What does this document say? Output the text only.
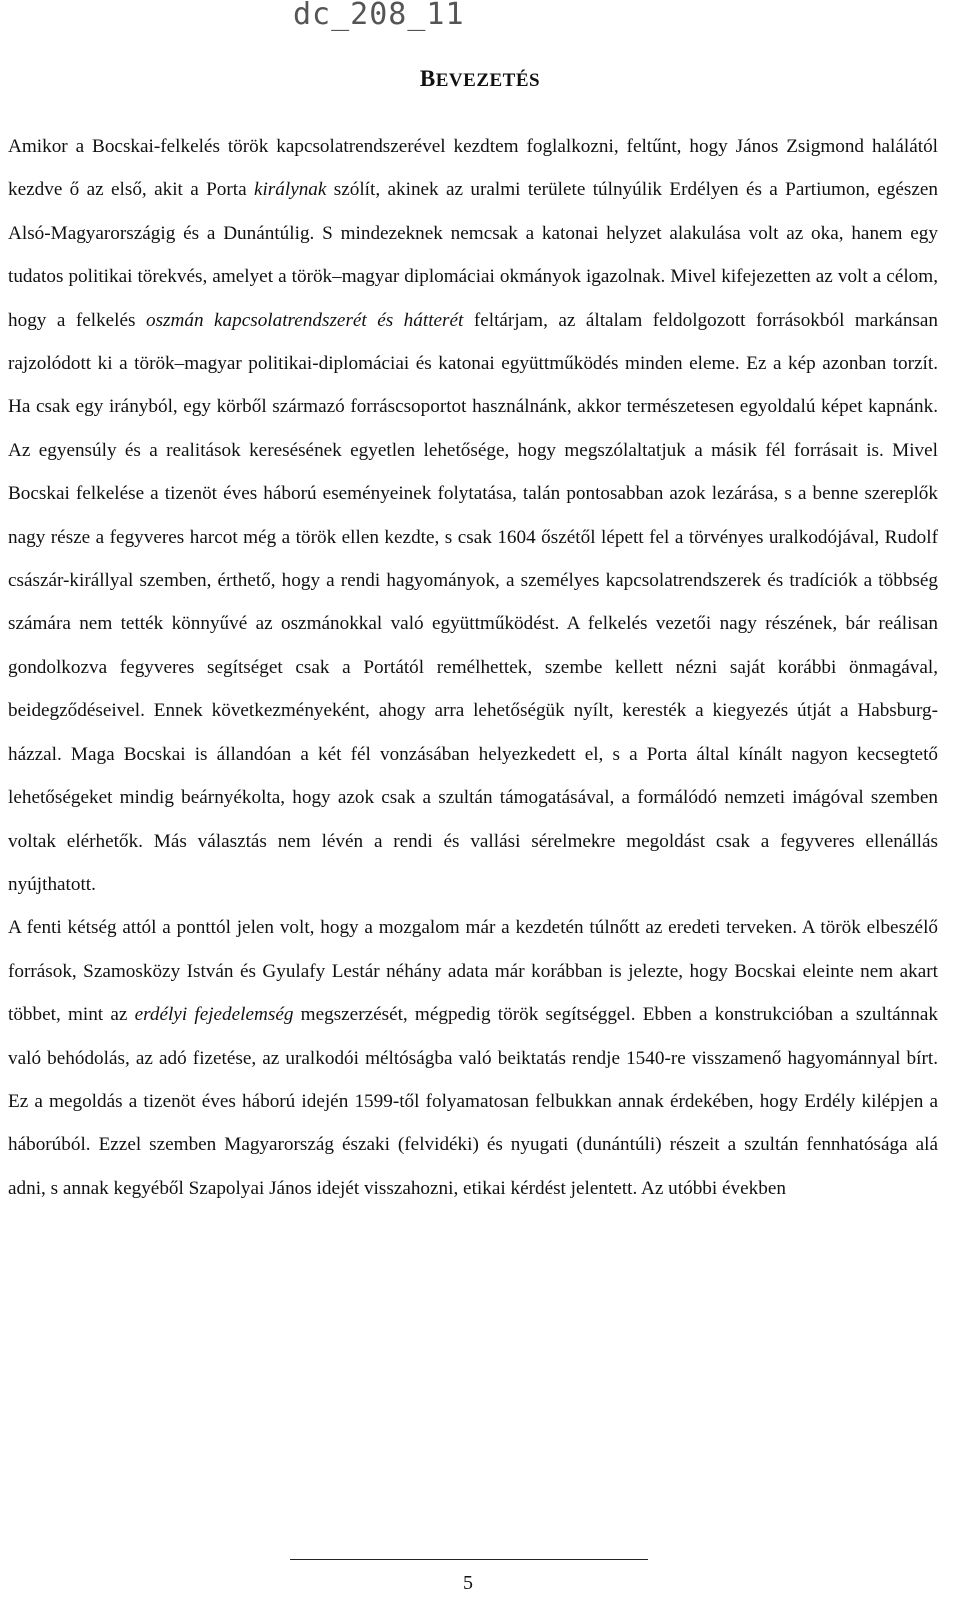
dc_208_11
BEVEZETÉS

Amikor a Bocskai-felkelés török kapcsolatrendszerével kezdtem foglalkozni, feltűnt, hogy János Zsigmond halálától kezdve ő az első, akit a Porta királynak szólít, akinek az uralmi területe túlnyúlik Erdélyen és a Partiumon, egészen Alsó-Magyarországig és a Dunántúlig. S mindezeknek nemcsak a katonai helyzet alakulása volt az oka, hanem egy tudatos politikai törekvés, amelyet a török–magyar diplomáciai okmányok igazolnak. Mivel kifejezetten az volt a célom, hogy a felkelés oszmán kapcsolatrendszerét és hátterét feltárjam, az általam feldolgozott forrásokból markánsan rajzolódott ki a török–magyar politikai-diplomáciai és katonai együttműködés minden eleme. Ez a kép azonban torzít. Ha csak egy irányból, egy körből származó forráscsoportot használnánk, akkor természetesen egyoldalú képet kapnánk. Az egyensúly és a realitások keresésének egyetlen lehetősége, hogy megszólaltatjuk a másik fél forrásait is. Mivel Bocskai felkelése a tizenöt éves háború eseményeinek folytatása, talán pontosabban azok lezárása, s a benne szereplők nagy része a fegyveres harcot még a török ellen kezdte, s csak 1604 őszétől lépett fel a törvényes uralkodójával, Rudolf császár-királlyal szemben, érthető, hogy a rendi hagyományok, a személyes kapcsolatrendszerek és tradíciók a többség számára nem tették könnyűvé az oszmánokkal való együttműködést. A felkelés vezetői nagy részének, bár reálisan gondolkozva fegyveres segítséget csak a Portától remélhettek, szembe kellett nézni saját korábbi önmagával, beidegződéseivel. Ennek következményeként, ahogy arra lehetőségük nyílt, keresték a kiegyezés útját a Habsburg-házzal. Maga Bocskai is állandóan a két fél vonzásában helyezkedett el, s a Porta által kínált nagyon kecsegtető lehetőségeket mindig beárnyékolta, hogy azok csak a szultán támogatásával, a formálódó nemzeti imágóval szemben voltak elérhetők. Más választás nem lévén a rendi és vallási sérelmekre megoldást csak a fegyveres ellenállás nyújthatott.

A fenti kétség attól a ponttól jelen volt, hogy a mozgalom már a kezdetén túlnőtt az eredeti terveken. A török elbeszélő források, Szamosközy István és Gyulafy Lestár néhány adata már korábban is jelezte, hogy Bocskai eleinte nem akart többet, mint az erdélyi fejedelemség megszerzését, mégpedig török segítséggel. Ebben a konstrukcióban a szultánnak való behódolás, az adó fizetése, az uralkodói méltóságba való beiktatás rendje 1540-re visszamenő hagyománnyal bírt. Ez a megoldás a tizenöt éves háború idején 1599-től folyamatosan felbukkan annak érdekében, hogy Erdély kilépjen a háborúból. Ezzel szemben Magyarország északi (felvidéki) és nyugati (dunántúli) részeit a szultán fennhatósága alá adni, s annak kegyéből Szapolyai János idejét visszahozni, etikai kérdést jelentett. Az utóbbi években

5
